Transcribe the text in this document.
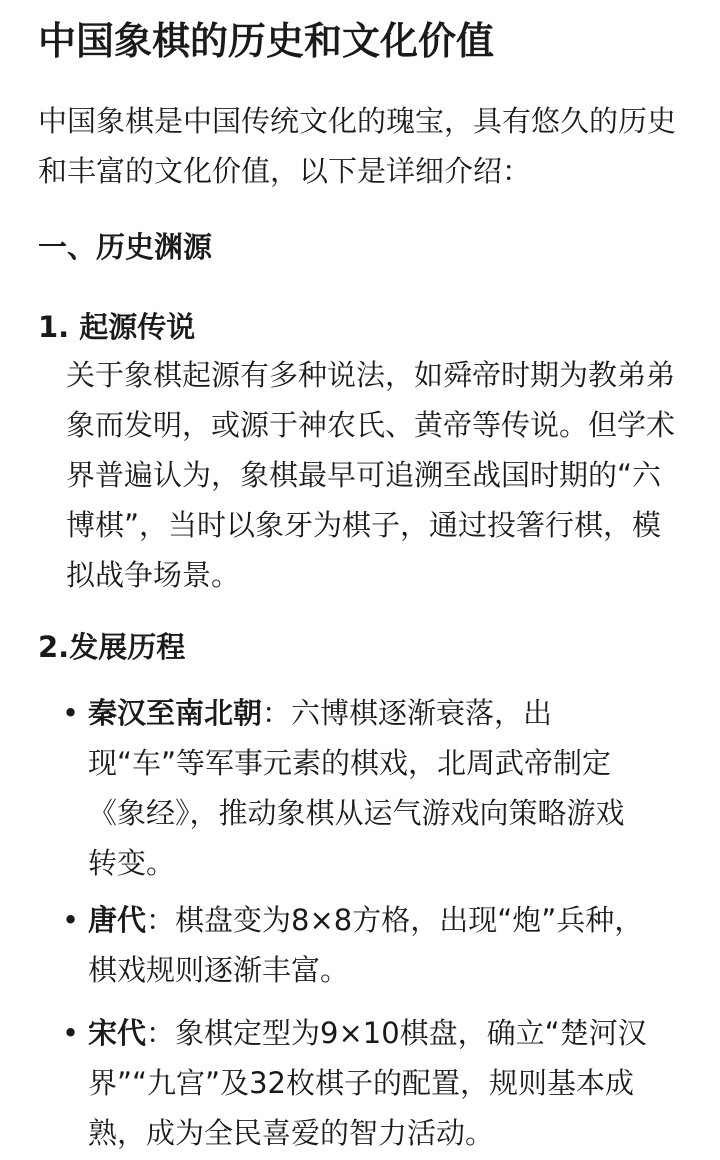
中国象棋的历史和文化价值

中国象棋是中国传统文化的瑰宝，具有悠久的历史和丰富的文化价值，以下是详细介绍：

一、历史渊源
1. 起源传说

关于象棋起源有多种说法，如舜帝时期为教弟弟象而发明，或源于神农氏、黄帝等传说。但学术界普遍认为，象棋最早可追溯至战国时期的“六博棋”，当时以象牙为棋子，通过投箸行棋，模拟战争场景。

2.发展历程
• 秦汉至南北朝：六博棋逐渐衰落，出现“车”等军事元素的棋戏，北周武帝制定《象经》，推动象棋从运气游戏向策略游戏转变。
• 唐代：棋盘变为8×8方格，出现“炮”兵种，棋戏规则逐渐丰富。
• 宋代：象棋定型为9×10棋盘，确立“楚河汉界”“九宫”及32枚棋子的配置，规则基本成熟，成为全民喜爱的智力活动。
